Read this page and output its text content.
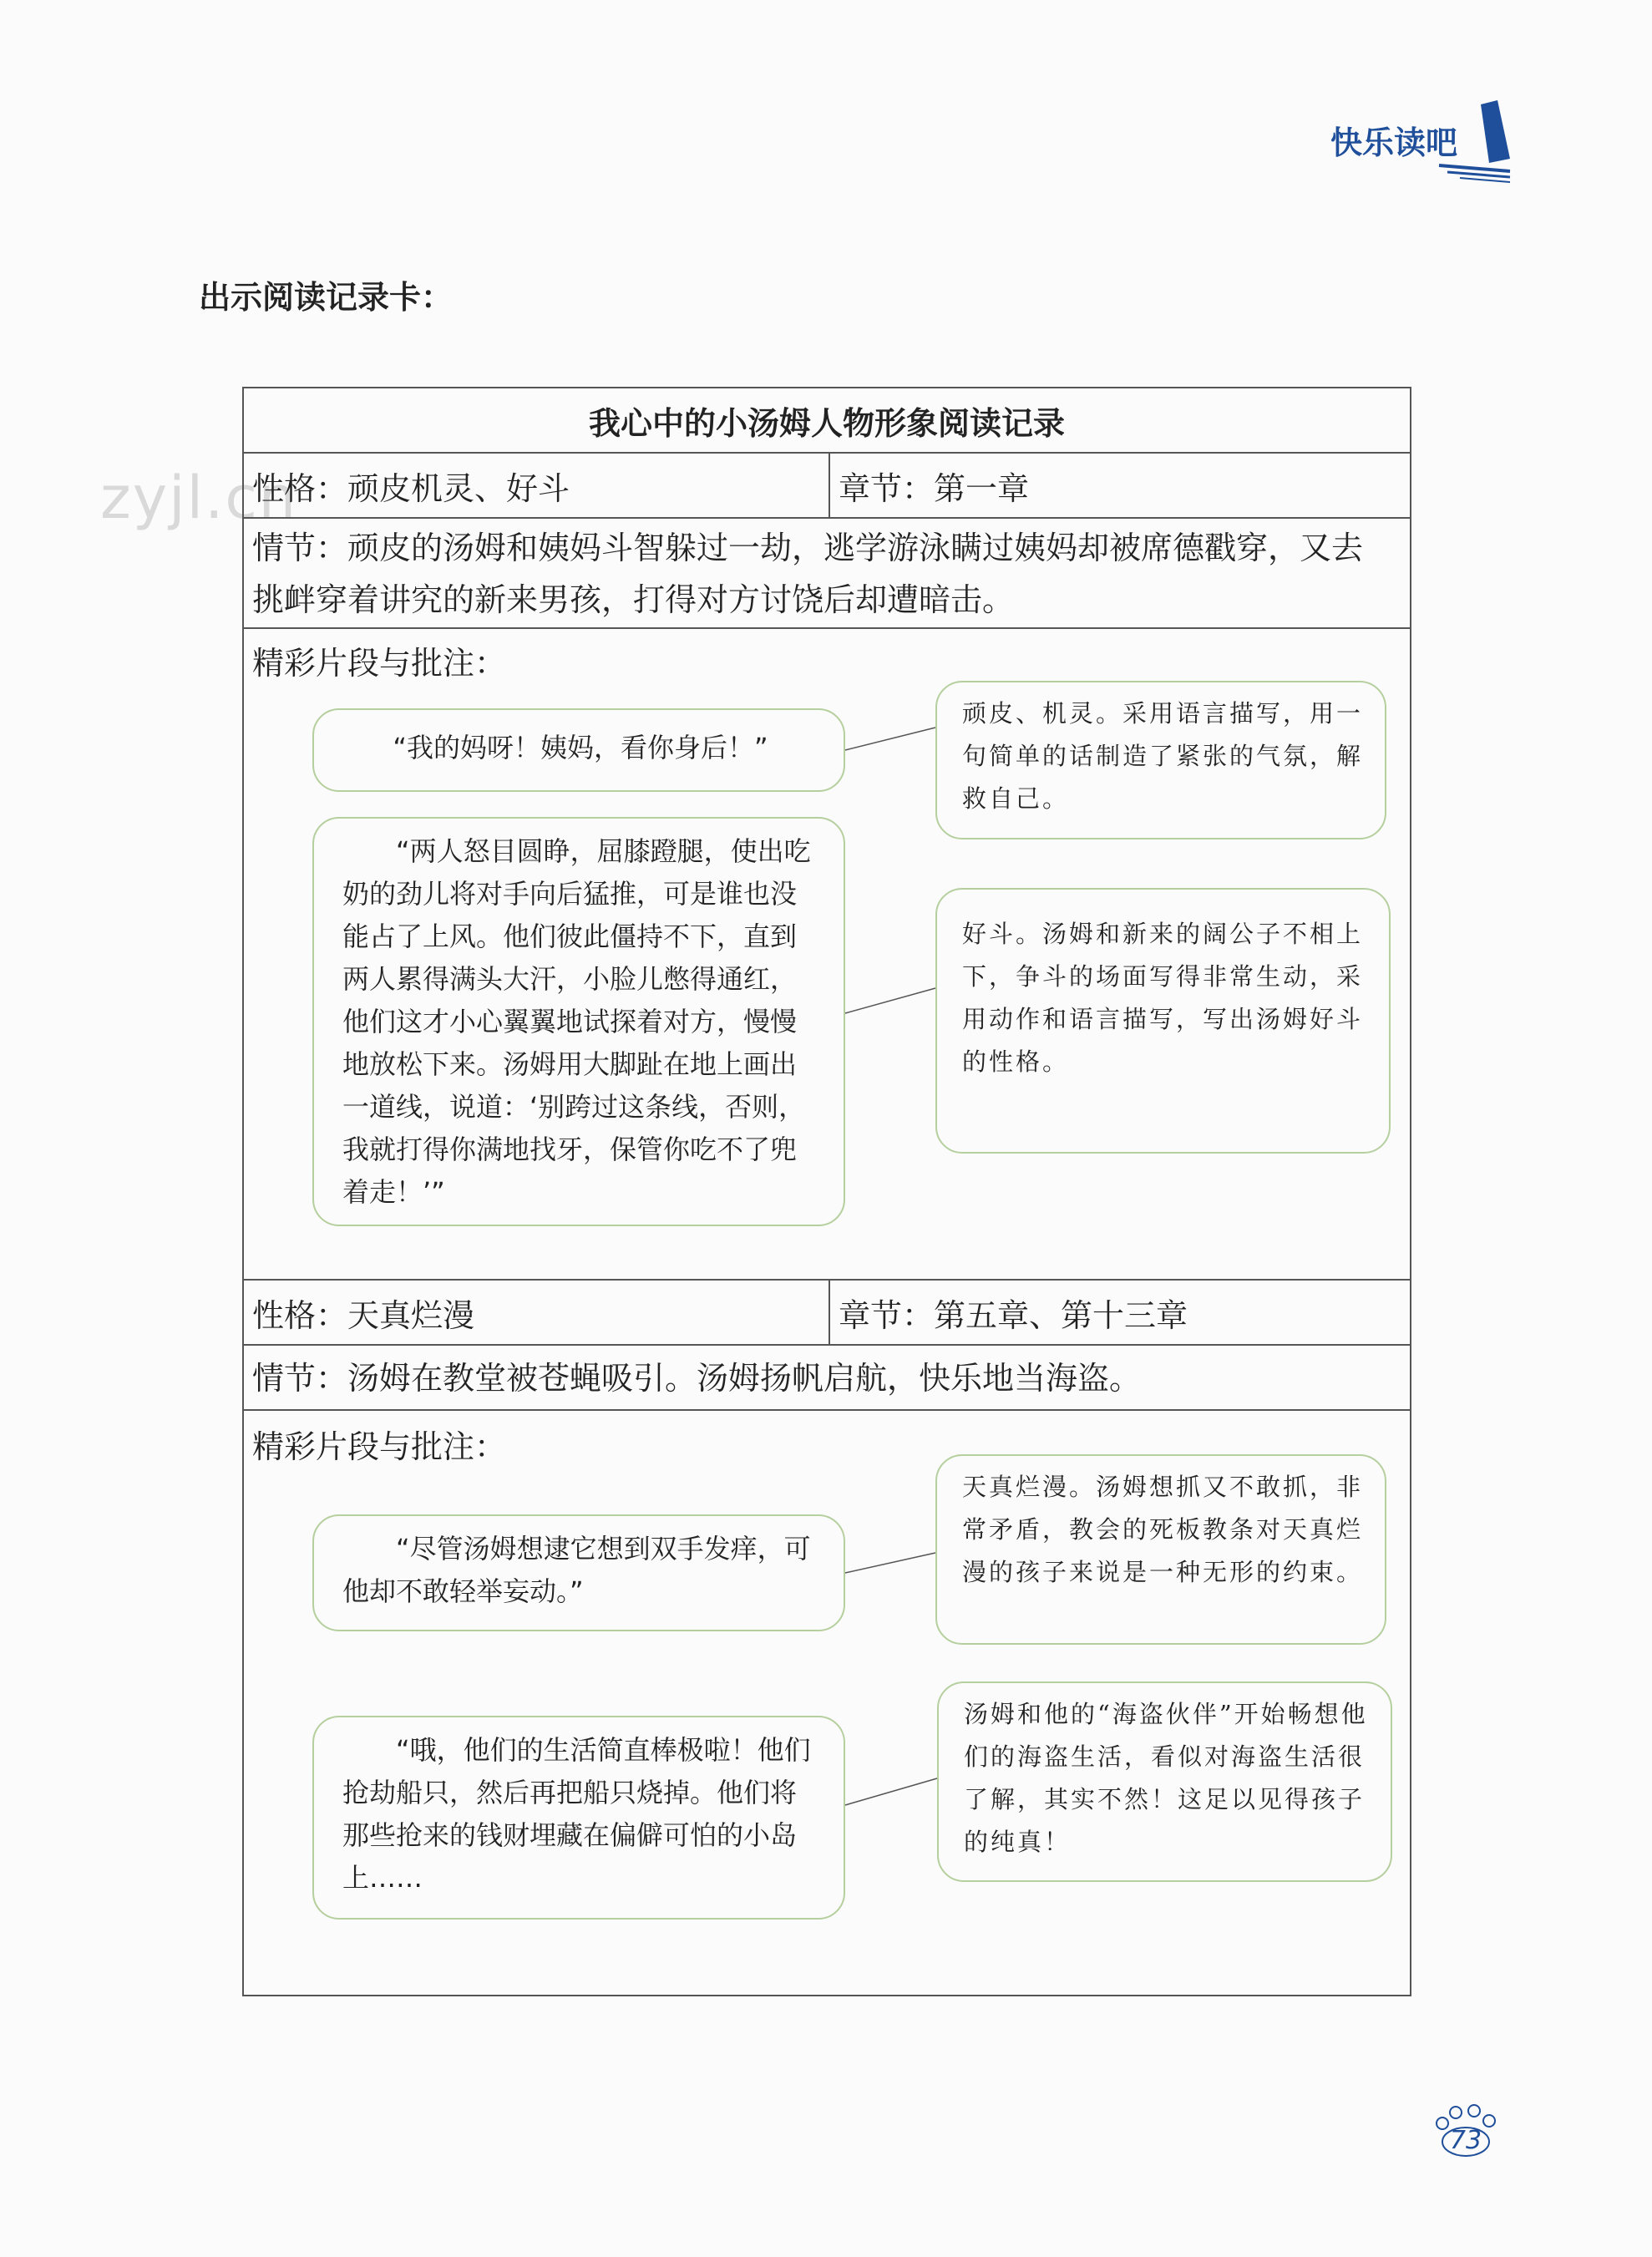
快乐读吧
zyjl.cn
出示阅读记录卡：
我心中的小汤姆人物形象阅读记录
性格：顽皮机灵、好斗	章节：第一章
情节：顽皮的汤姆和姨妈斗智躲过一劫，逃学游泳瞒过姨妈却被席德戳穿，又去挑衅穿着讲究的新来男孩，打得对方讨饶后却遭暗击。
精彩片段与批注：
“我的妈呀！姨妈，看你身后！”
顽皮、机灵。采用语言描写，用一句简单的话制造了紧张的气氛，解救自己。
“两人怒目圆睁，屈膝蹬腿，使出吃奶的劲儿将对手向后猛推，可是谁也没能占了上风。他们彼此僵持不下，直到两人累得满头大汗，小脸儿憋得通红，他们这才小心翼翼地试探着对方，慢慢地放松下来。汤姆用大脚趾在地上画出一道线，说道：‘别跨过这条线，否则，我就打得你满地找牙，保管你吃不了兜着走！’”
好斗。汤姆和新来的阔公子不相上下，争斗的场面写得非常生动，采用动作和语言描写，写出汤姆好斗的性格。
性格：天真烂漫	章节：第五章、第十三章
情节：汤姆在教堂被苍蝇吸引。汤姆扬帆启航，快乐地当海盗。
精彩片段与批注：
“尽管汤姆想逮它想到双手发痒，可他却不敢轻举妄动。”
天真烂漫。汤姆想抓又不敢抓，非常矛盾，教会的死板教条对天真烂漫的孩子来说是一种无形的约束。
“哦，他们的生活简直棒极啦！他们抢劫船只，然后再把船只烧掉。他们将那些抢来的钱财埋藏在偏僻可怕的小岛上……
汤姆和他的“海盗伙伴”开始畅想他们的海盗生活，看似对海盗生活很了解，其实不然！这足以见得孩子的纯真！
73
